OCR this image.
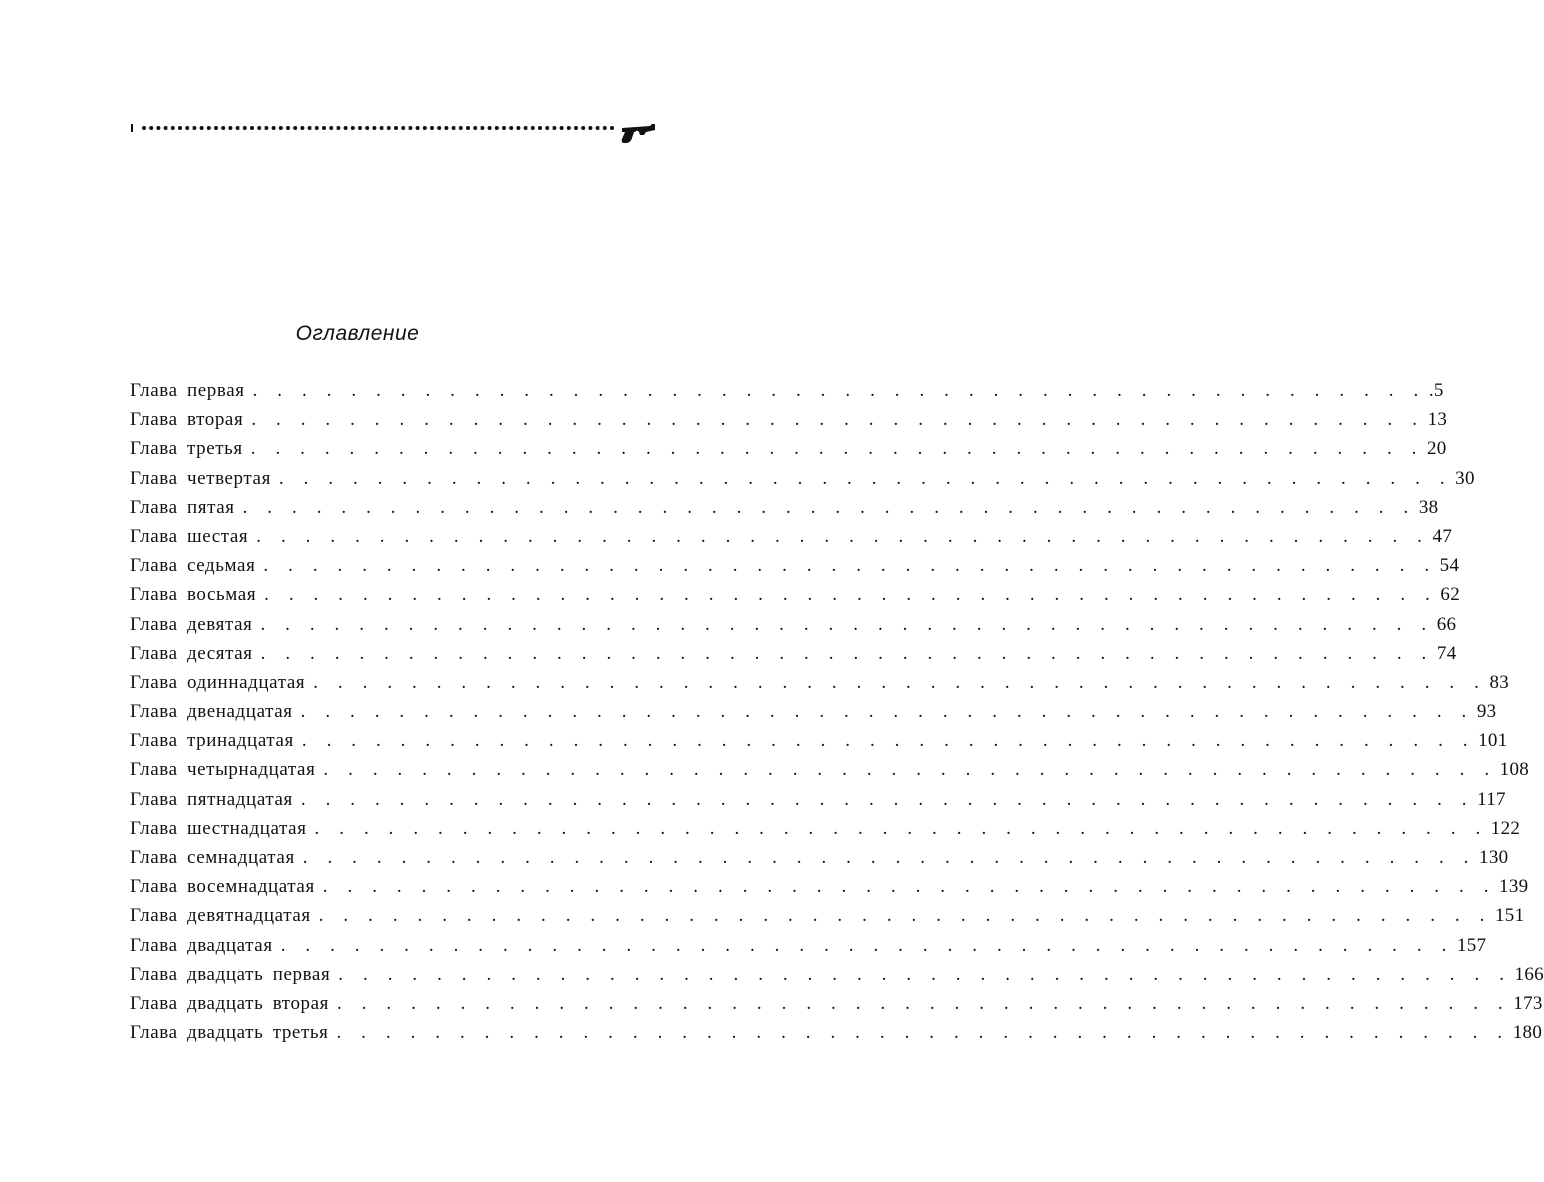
Оглавление
Глава первая . . . . . . . . . . . . . . . . . . . . . . . . . . . . . . . . . . . . . . . . . . . . . . . . .5
Глава вторая . . . . . . . . . . . . . . . . . . . . . . . . . . . . . . . . . . . . . . . . . . . . . . . . 13
Глава третья . . . . . . . . . . . . . . . . . . . . . . . . . . . . . . . . . . . . . . . . . . . . . . . . 20
Глава четвертая . . . . . . . . . . . . . . . . . . . . . . . . . . . . . . . . . . . . . . . . . . . . . . . . 30
Глава пятая . . . . . . . . . . . . . . . . . . . . . . . . . . . . . . . . . . . . . . . . . . . . . . . . 38
Глава шестая . . . . . . . . . . . . . . . . . . . . . . . . . . . . . . . . . . . . . . . . . . . . . . . . 47
Глава седьмая . . . . . . . . . . . . . . . . . . . . . . . . . . . . . . . . . . . . . . . . . . . . . . . . 54
Глава восьмая . . . . . . . . . . . . . . . . . . . . . . . . . . . . . . . . . . . . . . . . . . . . . . . . 62
Глава девятая . . . . . . . . . . . . . . . . . . . . . . . . . . . . . . . . . . . . . . . . . . . . . . . . 66
Глава десятая . . . . . . . . . . . . . . . . . . . . . . . . . . . . . . . . . . . . . . . . . . . . . . . . 74
Глава одиннадцатая . . . . . . . . . . . . . . . . . . . . . . . . . . . . . . . . . . . . . . . . . . . . . . . . 83
Глава двенадцатая . . . . . . . . . . . . . . . . . . . . . . . . . . . . . . . . . . . . . . . . . . . . . . . . 93
Глава тринадцатая . . . . . . . . . . . . . . . . . . . . . . . . . . . . . . . . . . . . . . . . . . . . . . . . 101
Глава четырнадцатая . . . . . . . . . . . . . . . . . . . . . . . . . . . . . . . . . . . . . . . . . . . . . . . . 108
Глава пятнадцатая . . . . . . . . . . . . . . . . . . . . . . . . . . . . . . . . . . . . . . . . . . . . . . . . 117
Глава шестнадцатая . . . . . . . . . . . . . . . . . . . . . . . . . . . . . . . . . . . . . . . . . . . . . . . . 122
Глава семнадцатая . . . . . . . . . . . . . . . . . . . . . . . . . . . . . . . . . . . . . . . . . . . . . . . . 130
Глава восемнадцатая . . . . . . . . . . . . . . . . . . . . . . . . . . . . . . . . . . . . . . . . . . . . . . . . 139
Глава девятнадцатая . . . . . . . . . . . . . . . . . . . . . . . . . . . . . . . . . . . . . . . . . . . . . . . . 151
Глава двадцатая . . . . . . . . . . . . . . . . . . . . . . . . . . . . . . . . . . . . . . . . . . . . . . . . 157
Глава двадцать первая . . . . . . . . . . . . . . . . . . . . . . . . . . . . . . . . . . . . . . . . . . . . . . . . 166
Глава двадцать вторая . . . . . . . . . . . . . . . . . . . . . . . . . . . . . . . . . . . . . . . . . . . . . . . . 173
Глава двадцать третья . . . . . . . . . . . . . . . . . . . . . . . . . . . . . . . . . . . . . . . . . . . . . . . . 180
